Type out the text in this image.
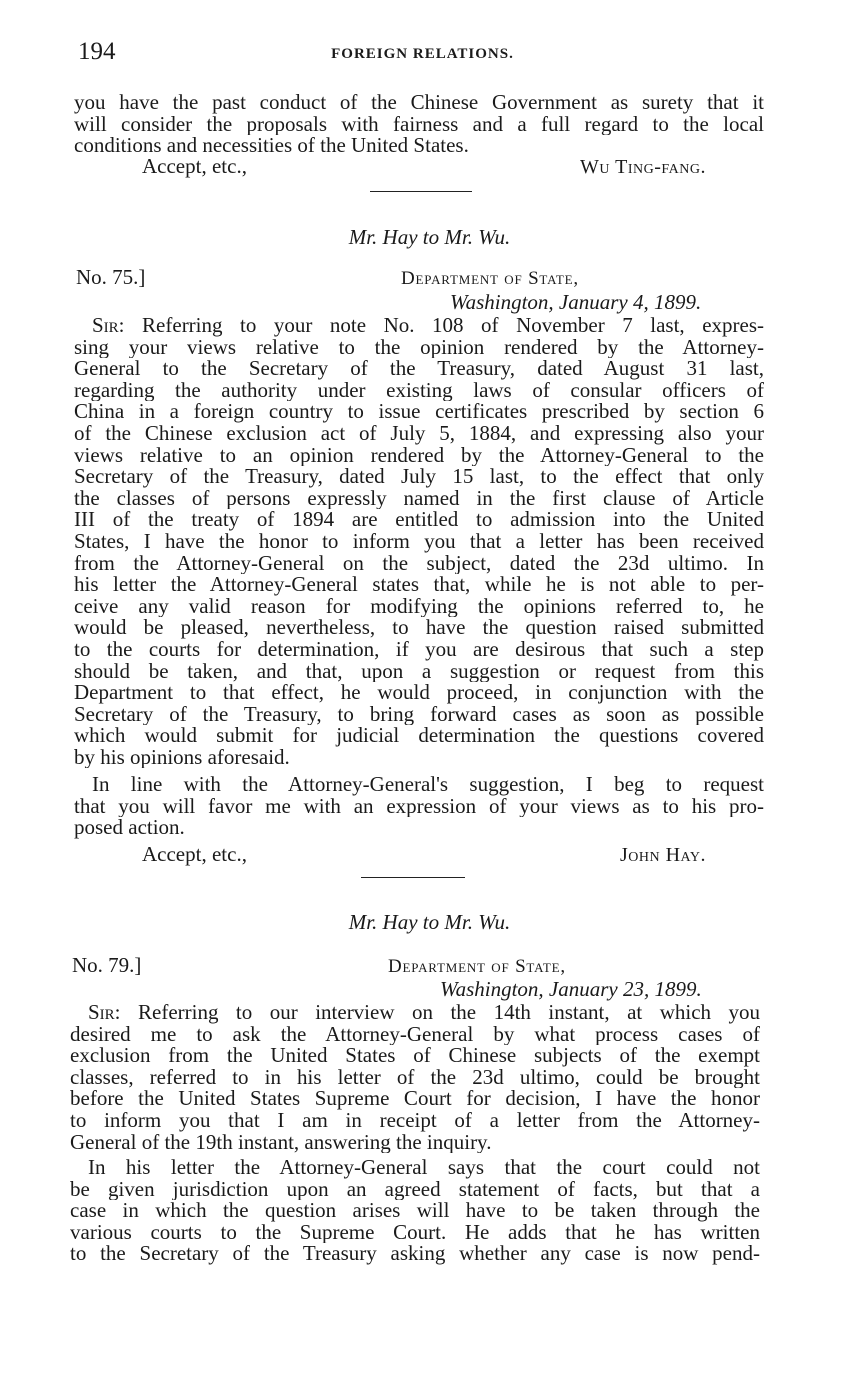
194	FOREIGN RELATIONS.
you have the past conduct of the Chinese Government as surety that it
will consider the proposals with fairness and a full regard to the local
conditions and necessities of the United States.
Accept, etc.,	Wu Ting-fang.
Mr. Hay to Mr. Wu.
No. 75.]	Department of State,
Washington, January 4, 1899.
Sir: Referring to your note No. 108 of November 7 last, expres-
sing your views relative to the opinion rendered by the Attorney-
General to the Secretary of the Treasury, dated August 31 last,
regarding the authority under existing laws of consular officers of
China in a foreign country to issue certificates prescribed by section 6
of the Chinese exclusion act of July 5, 1884, and expressing also your
views relative to an opinion rendered by the Attorney-General to the
Secretary of the Treasury, dated July 15 last, to the effect that only
the classes of persons expressly named in the first clause of Article
III of the treaty of 1894 are entitled to admission into the United
States, I have the honor to inform you that a letter has been received
from the Attorney-General on the subject, dated the 23d ultimo. In
his letter the Attorney-General states that, while he is not able to per-
ceive any valid reason for modifying the opinions referred to, he
would be pleased, nevertheless, to have the question raised submitted
to the courts for determination, if you are desirous that such a step
should be taken, and that, upon a suggestion or request from this
Department to that effect, he would proceed, in conjunction with the
Secretary of the Treasury, to bring forward cases as soon as possible
which would submit for judicial determination the questions covered
by his opinions aforesaid.
In line with the Attorney-General's suggestion, I beg to request
that you will favor me with an expression of your views as to his pro-
posed action.
Accept, etc.,	John Hay.
Mr. Hay to Mr. Wu.
No. 79.]	Department of State,
Washington, January 23, 1899.
Sir: Referring to our interview on the 14th instant, at which you
desired me to ask the Attorney-General by what process cases of
exclusion from the United States of Chinese subjects of the exempt
classes, referred to in his letter of the 23d ultimo, could be brought
before the United States Supreme Court for decision, I have the honor
to inform you that I am in receipt of a letter from the Attorney-
General of the 19th instant, answering the inquiry.
In his letter the Attorney-General says that the court could not
be given jurisdiction upon an agreed statement of facts, but that a
case in which the question arises will have to be taken through the
various courts to the Supreme Court. He adds that he has written
to the Secretary of the Treasury asking whether any case is now pend-
